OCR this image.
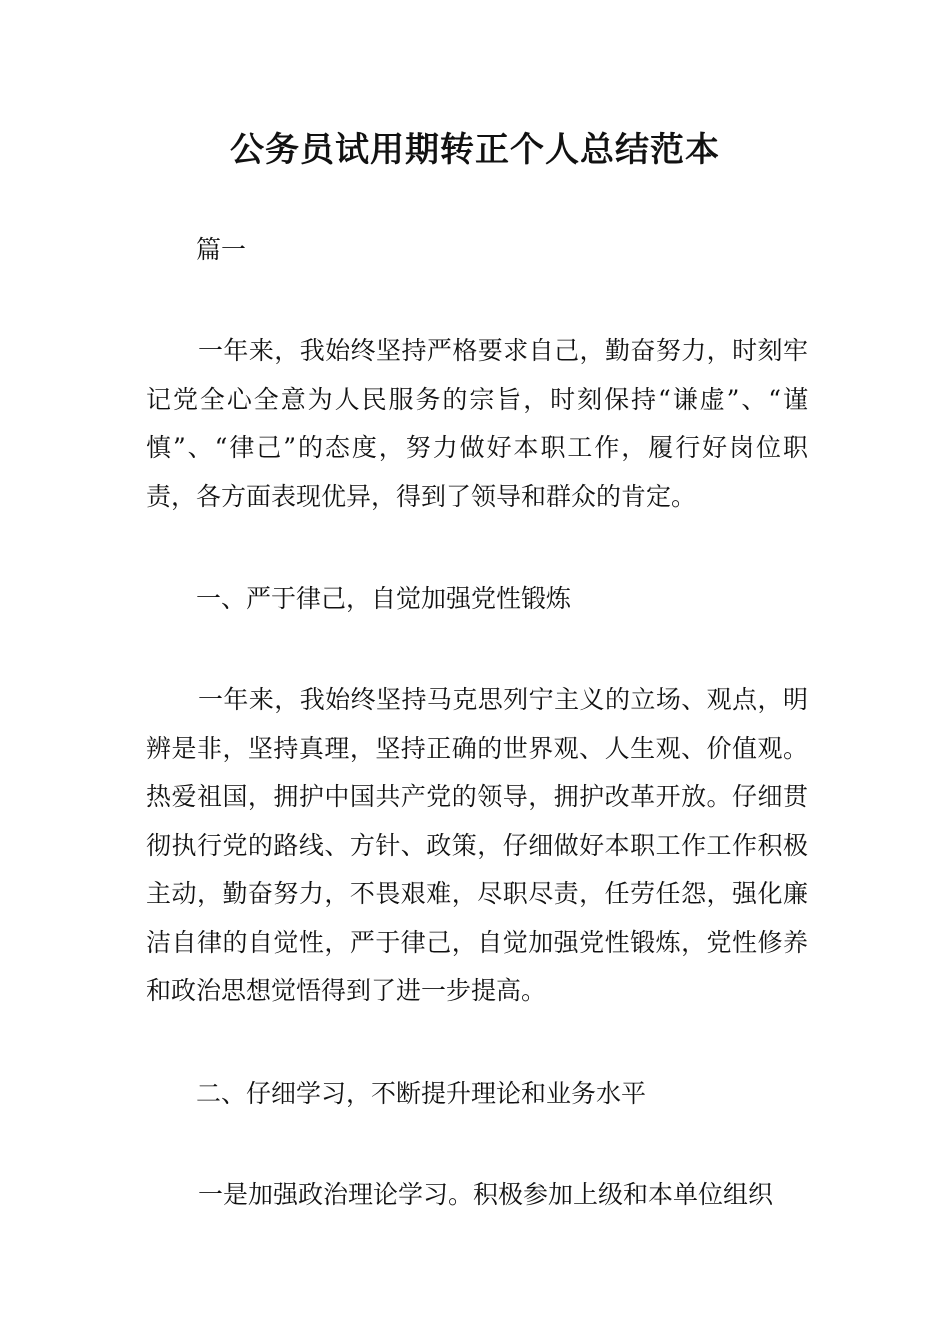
公务员试用期转正个人总结范本

篇一

一年来，我始终坚持严格要求自己，勤奋努力，时刻牢记党全心全意为人民服务的宗旨，时刻保持“谦虚”、“谨慎”、“律己”的态度，努力做好本职工作，履行好岗位职责，各方面表现优异，得到了领导和群众的肯定。

一、严于律己，自觉加强党性锻炼

一年来，我始终坚持马克思列宁主义的立场、观点，明辨是非，坚持真理，坚持正确的世界观、人生观、价值观。热爱祖国，拥护中国共产党的领导，拥护改革开放。仔细贯彻执行党的路线、方针、政策，仔细做好本职工作工作积极主动，勤奋努力，不畏艰难，尽职尽责，任劳任怨，强化廉洁自律的自觉性，严于律己，自觉加强党性锻炼，党性修养和政治思想觉悟得到了进一步提高。

二、仔细学习，不断提升理论和业务水平

一是加强政治理论学习。积极参加上级和本单位组织
